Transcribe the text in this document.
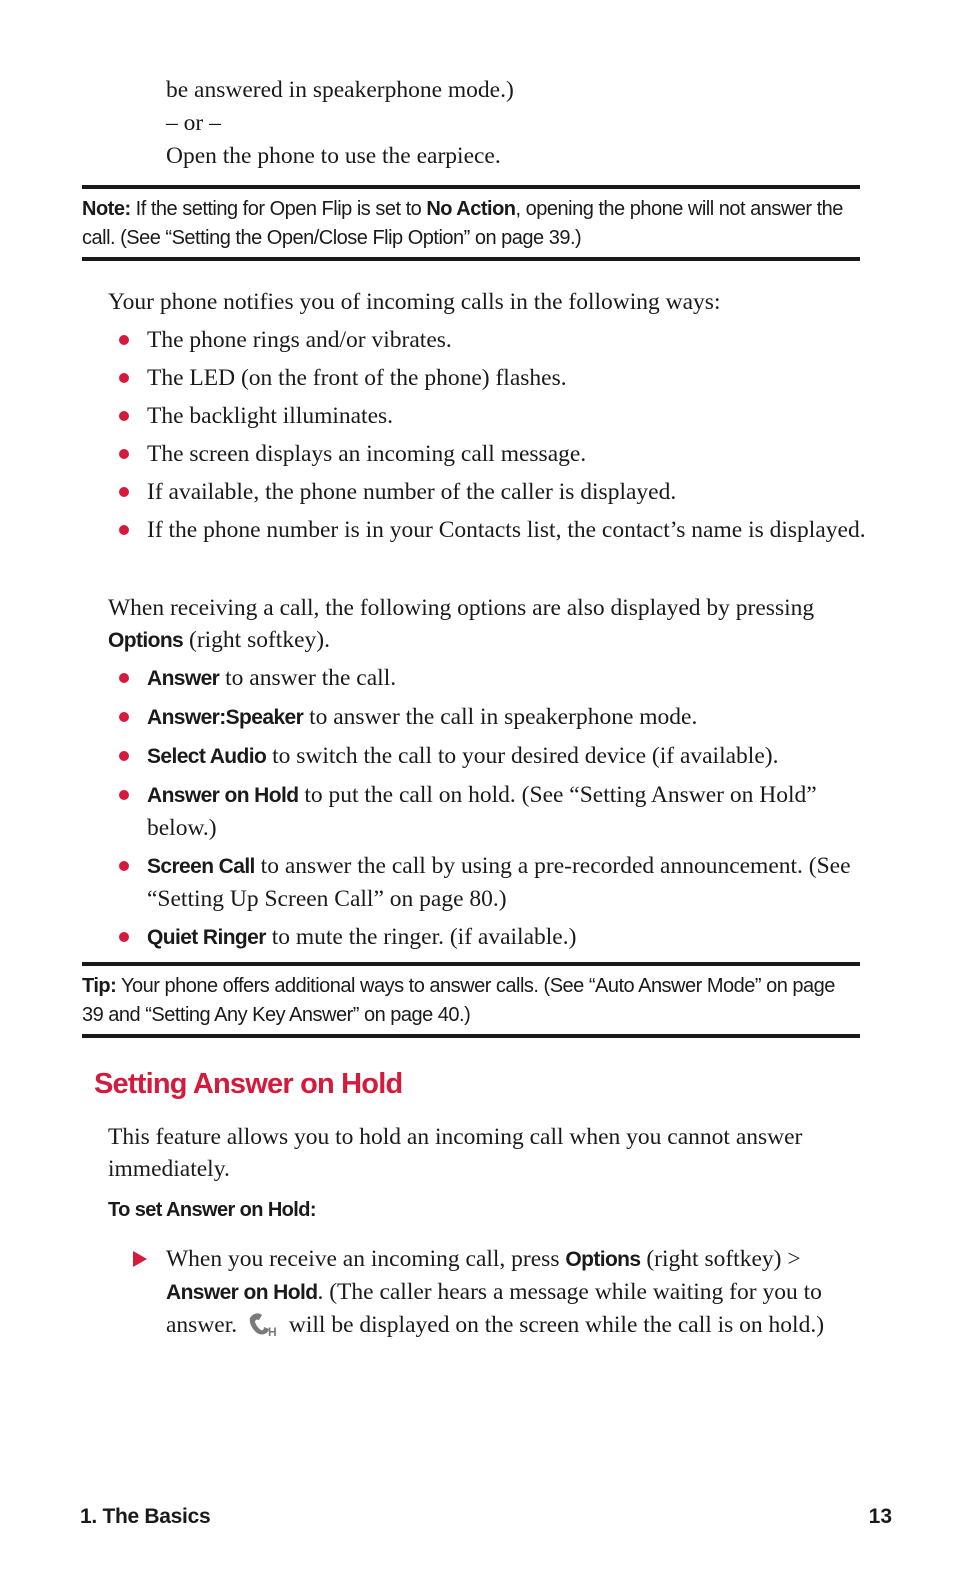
be answered in speakerphone mode.)
– or –
Open the phone to use the earpiece.
Note: If the setting for Open Flip is set to No Action, opening the phone will not answer the call. (See “Setting the Open/Close Flip Option” on page 39.)
Your phone notifies you of incoming calls in the following ways:
The phone rings and/or vibrates.
The LED (on the front of the phone) flashes.
The backlight illuminates.
The screen displays an incoming call message.
If available, the phone number of the caller is displayed.
If the phone number is in your Contacts list, the contact’s name is displayed.
When receiving a call, the following options are also displayed by pressing Options (right softkey).
Answer to answer the call.
Answer:Speaker to answer the call in speakerphone mode.
Select Audio to switch the call to your desired device (if available).
Answer on Hold to put the call on hold. (See “Setting Answer on Hold” below.)
Screen Call to answer the call by using a pre-recorded announcement. (See “Setting Up Screen Call” on page 80.)
Quiet Ringer to mute the ringer. (if available.)
Tip: Your phone offers additional ways to answer calls. (See “Auto Answer Mode” on page 39 and “Setting Any Key Answer” on page 40.)
Setting Answer on Hold
This feature allows you to hold an incoming call when you cannot answer immediately.
To set Answer on Hold:
When you receive an incoming call, press Options (right softkey) > Answer on Hold. (The caller hears a message while waiting for you to answer. H will be displayed on the screen while the call is on hold.)
1. The Basics	13
